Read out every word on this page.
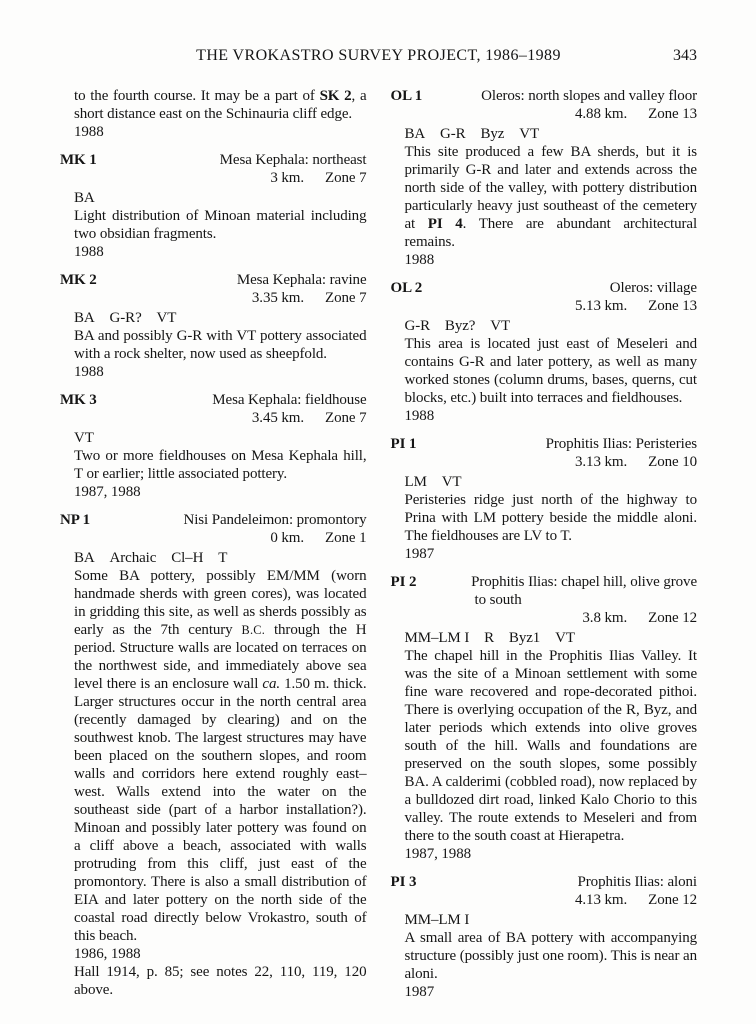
THE VROKASTRO SURVEY PROJECT, 1986–1989	343

to the fourth course. It may be a part of SK 2, a short distance east on the Schinauria cliff edge.

1988
MK 1	Mesa Kephala: northeast
3 km. Zone 7
BA

Light distribution of Minoan material including two obsidian fragments.

1988
MK 2	Mesa Kephala: ravine
3.35 km. Zone 7
BA G-R? VT

BA and possibly G-R with VT pottery associated with a rock shelter, now used as sheepfold.

1988
MK 3	Mesa Kephala: fieldhouse
3.45 km. Zone 7
VT

Two or more fieldhouses on Mesa Kephala hill, T or earlier; little associated pottery.

1987, 1988
NP 1	Nisi Pandeleimon: promontory
0 km. Zone 1
BA Archaic Cl–H T

Some BA pottery, possibly EM/MM (worn handmade sherds with green cores), was located in gridding this site, as well as sherds possibly as early as the 7th century B.C. through the H period. Structure walls are located on terraces on the northwest side, and immediately above sea level there is an enclosure wall ca. 1.50 m. thick. Larger structures occur in the north central area (recently damaged by clearing) and on the southwest knob. The largest structures may have been placed on the southern slopes, and room walls and corridors here extend roughly east–west. Walls extend into the water on the southeast side (part of a harbor installation?). Minoan and possibly later pottery was found on a cliff above a beach, associated with walls protruding from this cliff, just east of the promontory. There is also a small distribution of EIA and later pottery on the north side of the coastal road directly below Vrokastro, south of this beach.

1986, 1988

Hall 1914, p. 85; see notes 22, 110, 119, 120 above.

OL 1	Oleros: north slopes and valley floor
4.88 km. Zone 13
BA G-R Byz VT

This site produced a few BA sherds, but it is primarily G-R and later and extends across the north side of the valley, with pottery distribution particularly heavy just southeast of the cemetery at PI 4. There are abundant architectural remains.

1988
OL 2	Oleros: village
5.13 km. Zone 13
G-R Byz? VT

This area is located just east of Meseleri and contains G-R and later pottery, as well as many worked stones (column drums, bases, querns, cut blocks, etc.) built into terraces and fieldhouses.

1988
PI 1	Prophitis Ilias: Peristeries
3.13 km. Zone 10
LM VT

Peristeries ridge just north of the highway to Prina with LM pottery beside the middle aloni. The fieldhouses are LV to T.

1987
PI 2	Prophitis Ilias: chapel hill, olive grove
to south
3.8 km. Zone 12
MM–LM I R Byz1 VT

The chapel hill in the Prophitis Ilias Valley. It was the site of a Minoan settlement with some fine ware recovered and rope-decorated pithoi. There is overlying occupation of the R, Byz, and later periods which extends into olive groves south of the hill. Walls and foundations are preserved on the south slopes, some possibly BA. A calderimi (cobbled road), now replaced by a bulldozed dirt road, linked Kalo Chorio to this valley. The route extends to Meseleri and from there to the south coast at Hierapetra.

1987, 1988
PI 3	Prophitis Ilias: aloni
4.13 km. Zone 12
MM–LM I

A small area of BA pottery with accompanying structure (possibly just one room). This is near an aloni.

1987
